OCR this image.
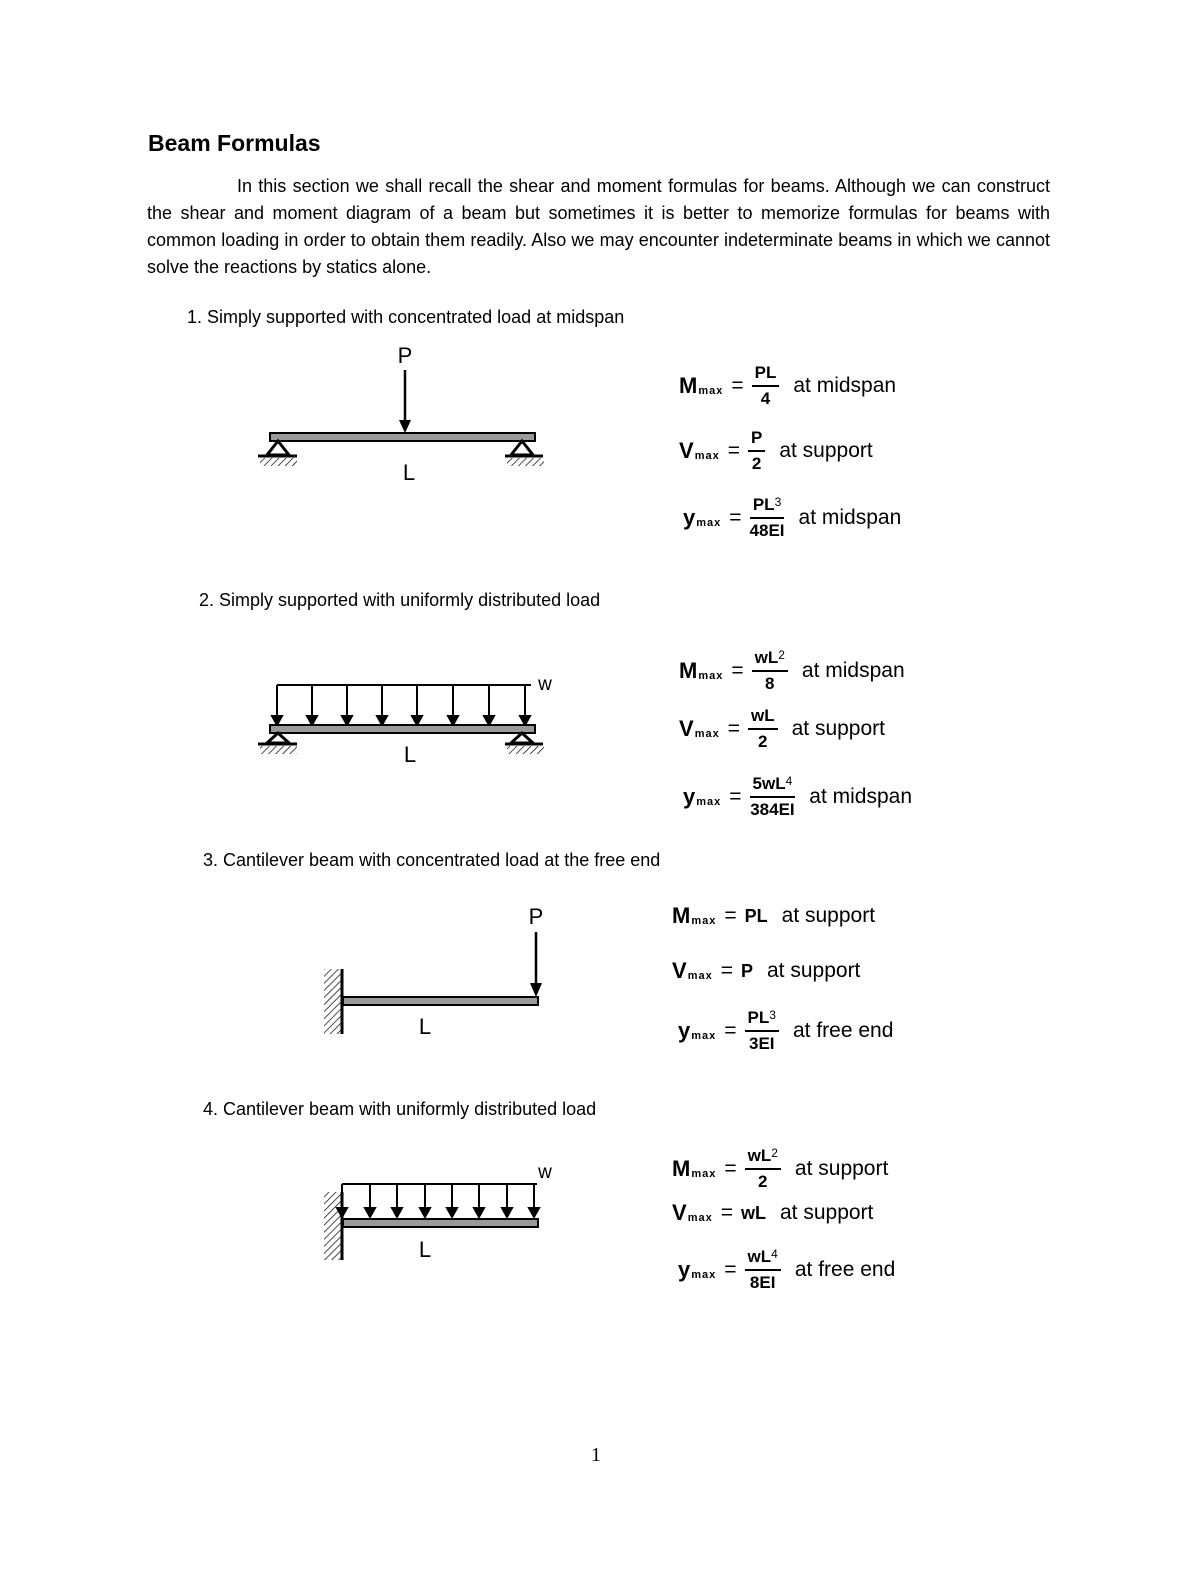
Beam Formulas

In this section we shall recall the shear and moment formulas for beams. Although we can construct the shear and moment diagram of a beam but sometimes it is better to memorize formulas for beams with common loading in order to obtain them readily. Also we may encounter indeterminate beams in which we cannot solve the reactions by statics alone.

1. Simply supported with concentrated load at midspan
P
L
M $\max = \frac{PL}{4}$ at midspan
V $\max = \frac{P}{2}$ at support
y $\max = \frac{PL^3}{48EI}$ at midspan
2. Simply supported with uniformly distributed load
w
L
M $\max = \frac{wL^2}{8}$ at midspan
V $\max = \frac{wL}{2}$ at support
y $\max = \frac{5wL^4}{384EI}$ at midspan
3. Cantilever beam with concentrated load at the free end
P
L
M max = PL at support
V max = P at support
y $\max = \frac{PL^3}{3EI}$ at free end
4. Cantilever beam with uniformly distributed load
w
L
M $\max = \frac{wL^2}{2}$ at support
V max = wL at support
y $\max = \frac{wL^4}{8EI}$ at free end
1
